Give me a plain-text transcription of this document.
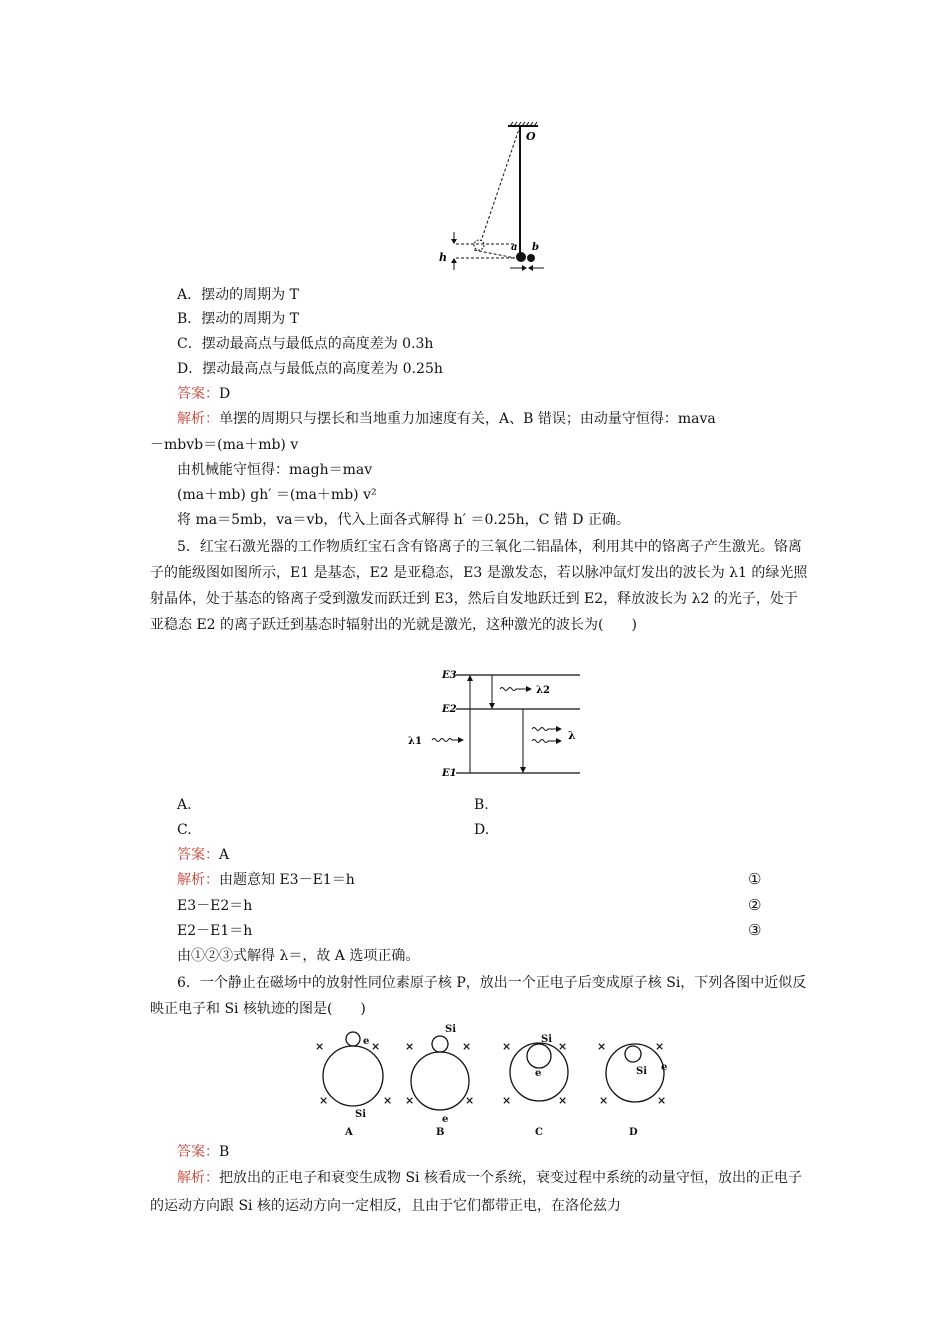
O
h
a b
A．摆动的周期为 T
B．摆动的周期为 T
C．摆动最高点与最低点的高度差为 0.3h
D．摆动最高点与最低点的高度差为 0.25h
答案：D
解析：单摆的周期只与摆长和当地重力加速度有关，A、B 错误；由动量守恒得：mava
－mbvb＝(ma＋mb) v
由机械能守恒得：magh＝mav
(ma＋mb) gh′ ＝(ma＋mb) v²
将 ma＝5mb，va＝vb，代入上面各式解得 h′ ＝0.25h，C 错 D 正确。
5．红宝石激光器的工作物质红宝石含有铬离子的三氧化二铝晶体，利用其中的铬离子产生激光。铬离子的能级图如图所示，E1 是基态，E2 是亚稳态，E3 是激发态，若以脉冲氙灯发出的波长为 λ1 的绿光照射晶体，处于基态的铬离子受到激发而跃迁到 E3，然后自发地跃迁到 E2，释放波长为 λ2 的光子，处于亚稳态 E2 的离子跃迁到基态时辐射出的光就是激光，这种激光的波长为(　　)
E3
E2
E1
λ1
λ2
λ
A.	B.
C.	D.
答案：A
解析：由题意知 E3－E1＝h	①
E3－E2＝h	②
E2－E1＝h	③
由①②③式解得 λ＝，故 A 选项正确。
6．一个静止在磁场中的放射性同位素原子核 P，放出一个正电子后变成原子核 Si，下列各图中近似反映正电子和 Si 核轨迹的图是(　　)
e
Si
×	×
×	×
A
Si
e
×	×
×	×
B
Si
e
×	×
×	×
C
Si e
×	×
×	×
D
答案：B
解析：把放出的正电子和衰变生成物 Si 核看成一个系统，衰变过程中系统的动量守恒，放出的正电子的运动方向跟 Si 核的运动方向一定相反，且由于它们都带正电，在洛伦兹力
